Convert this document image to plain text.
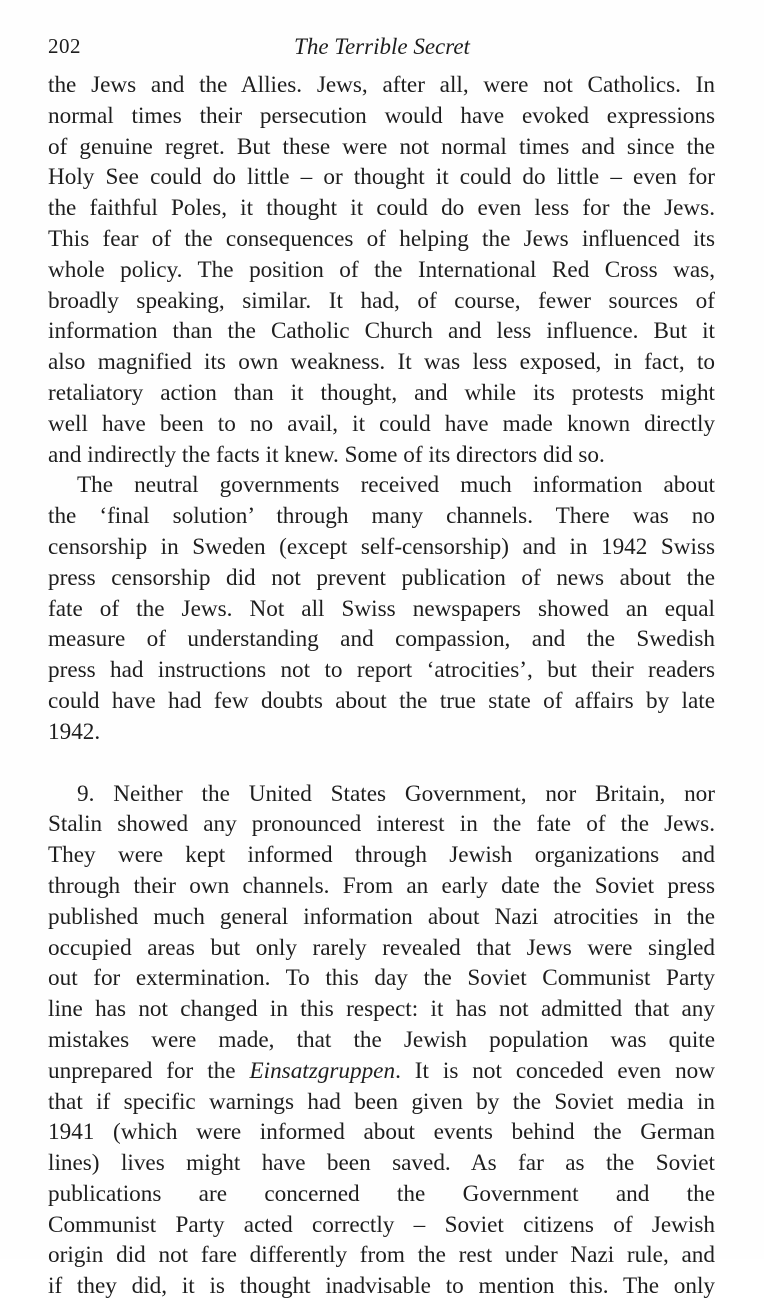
202	The Terrible Secret

the Jews and the Allies. Jews, after all, were not Catholics. In
normal times their persecution would have evoked expressions
of genuine regret. But these were not normal times and since the
Holy See could do little – or thought it could do little – even for
the faithful Poles, it thought it could do even less for the Jews.
This fear of the consequences of helping the Jews influenced its
whole policy. The position of the International Red Cross was,
broadly speaking, similar. It had, of course, fewer sources of
information than the Catholic Church and less influence. But it
also magnified its own weakness. It was less exposed, in fact, to
retaliatory action than it thought, and while its protests might
well have been to no avail, it could have made known directly
and indirectly the facts it knew. Some of its directors did so.

The neutral governments received much information about
the ‘final solution’ through many channels. There was no
censorship in Sweden (except self-censorship) and in 1942 Swiss
press censorship did not prevent publication of news about the
fate of the Jews. Not all Swiss newspapers showed an equal
measure of understanding and compassion, and the Swedish
press had instructions not to report ‘atrocities’, but their readers
could have had few doubts about the true state of affairs by late
1942.

9. Neither the United States Government, nor Britain, nor
Stalin showed any pronounced interest in the fate of the Jews.
They were kept informed through Jewish organizations and
through their own channels. From an early date the Soviet press
published much general information about Nazi atrocities in the
occupied areas but only rarely revealed that Jews were singled
out for extermination. To this day the Soviet Communist Party
line has not changed in this respect: it has not admitted that any
mistakes were made, that the Jewish population was quite
unprepared for the Einsatzgruppen. It is not conceded even now
that if specific warnings had been given by the Soviet media in
1941 (which were informed about events behind the German
lines) lives might have been saved. As far as the Soviet
publications are concerned the Government and the
Communist Party acted correctly – Soviet citizens of Jewish
origin did not fare differently from the rest under Nazi rule, and
if they did, it is thought inadvisable to mention this. The only
